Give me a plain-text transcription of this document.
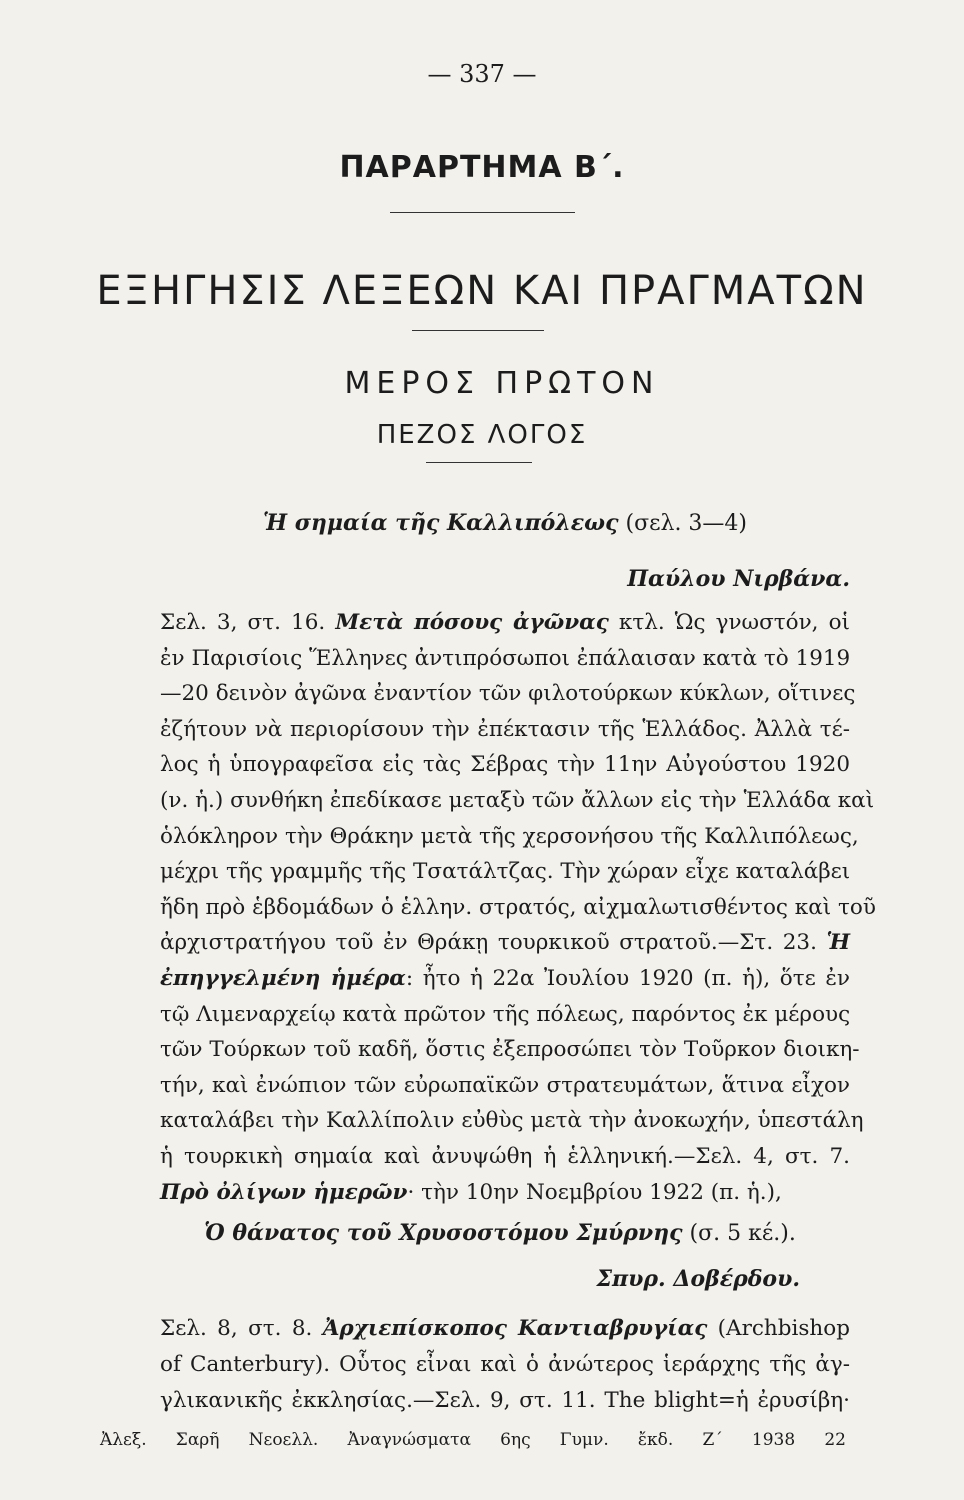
— 337 —
ΠΑΡΑΡΤΗΜΑ Β΄.
ΕΞΗΓΗΣΙΣ ΛΕΞΕΩΝ ΚΑΙ ΠΡΑΓΜΑΤΩΝ
ΜΕΡΟΣ ΠΡΩΤΟΝ
ΠΕΖΟΣ ΛΟΓΟΣ
Ἡ σημαία τῆς Καλλιπόλεως (σελ. 3—4)
Παύλου Νιρβάνα.
Σελ. 3, στ. 16. Μετὰ πόσους ἀγῶνας κτλ. Ὡς γνωστόν, οἱ
ἐν Παρισίοις Ἕλληνες ἀντιπρόσωποι ἐπάλαισαν κατὰ τὸ 1919
—20 δεινὸν ἀγῶνα ἐναντίον τῶν φιλοτούρκων κύκλων, οἵτινες
ἐζήτουν νὰ περιορίσουν τὴν ἐπέκτασιν τῆς Ἑλλάδος. Ἀλλὰ τέ-
λος ἡ ὑπογραφεῖσα εἰς τὰς Σέβρας τὴν 11ην Αὐγούστου 1920
(ν. ἡ.) συνθήκη ἐπεδίκασε μεταξὺ τῶν ἄλλων εἰς τὴν Ἑλλάδα καὶ
ὁλόκληρον τὴν Θράκην μετὰ τῆς χερσονήσου τῆς Καλλιπόλεως,
μέχρι τῆς γραμμῆς τῆς Τσατάλτζας. Τὴν χώραν εἶχε καταλάβει
ἤδη πρὸ ἑβδομάδων ὁ ἑλλην. στρατός, αἰχμαλωτισθέντος καὶ τοῦ
ἀρχιστρατήγου τοῦ ἐν Θράκῃ τουρκικοῦ στρατοῦ.—Στ. 23. Ἡ
ἐπηγγελμένη ἡμέρα: ἦτο ἡ 22α Ἰουλίου 1920 (π. ἡ), ὅτε ἐν
τῷ Λιμεναρχείῳ κατὰ πρῶτον τῆς πόλεως, παρόντος ἐκ μέρους
τῶν Τούρκων τοῦ καδῆ, ὅστις ἐξεπροσώπει τὸν Τοῦρκον διοικη-
τήν, καὶ ἐνώπιον τῶν εὐρωπαϊκῶν στρατευμάτων, ἅτινα εἶχον
καταλάβει τὴν Καλλίπολιν εὐθὺς μετὰ τὴν ἀνοκωχήν, ὑπεστάλη
ἡ τουρκικὴ σημαία καὶ ἀνυψώθη ἡ ἑλληνική.—Σελ. 4, στ. 7.
Πρὸ ὀλίγων ἡμερῶν· τὴν 10ην Νοεμβρίου 1922 (π. ἡ.),
Ὁ θάνατος τοῦ Χρυσοστόμου Σμύρνης (σ. 5 κέ.).
Σπυρ. Δοβέρδου.
Σελ. 8, στ. 8. Ἀρχιεπίσκοπος Καντιαβρυγίας (Archbishop
of Canterbury). Οὗτος εἶναι καὶ ὁ ἀνώτερος ἱεράρχης τῆς ἀγ-
γλικανικῆς ἐκκλησίας.—Σελ. 9, στ. 11. The blight=ἡ ἐρυσίβη·
Ἀλεξ. Σαρῆ Νεοελλ. Ἀναγνώσματα 6ης Γυμν. ἔκδ. Ζ΄ 1938 22
